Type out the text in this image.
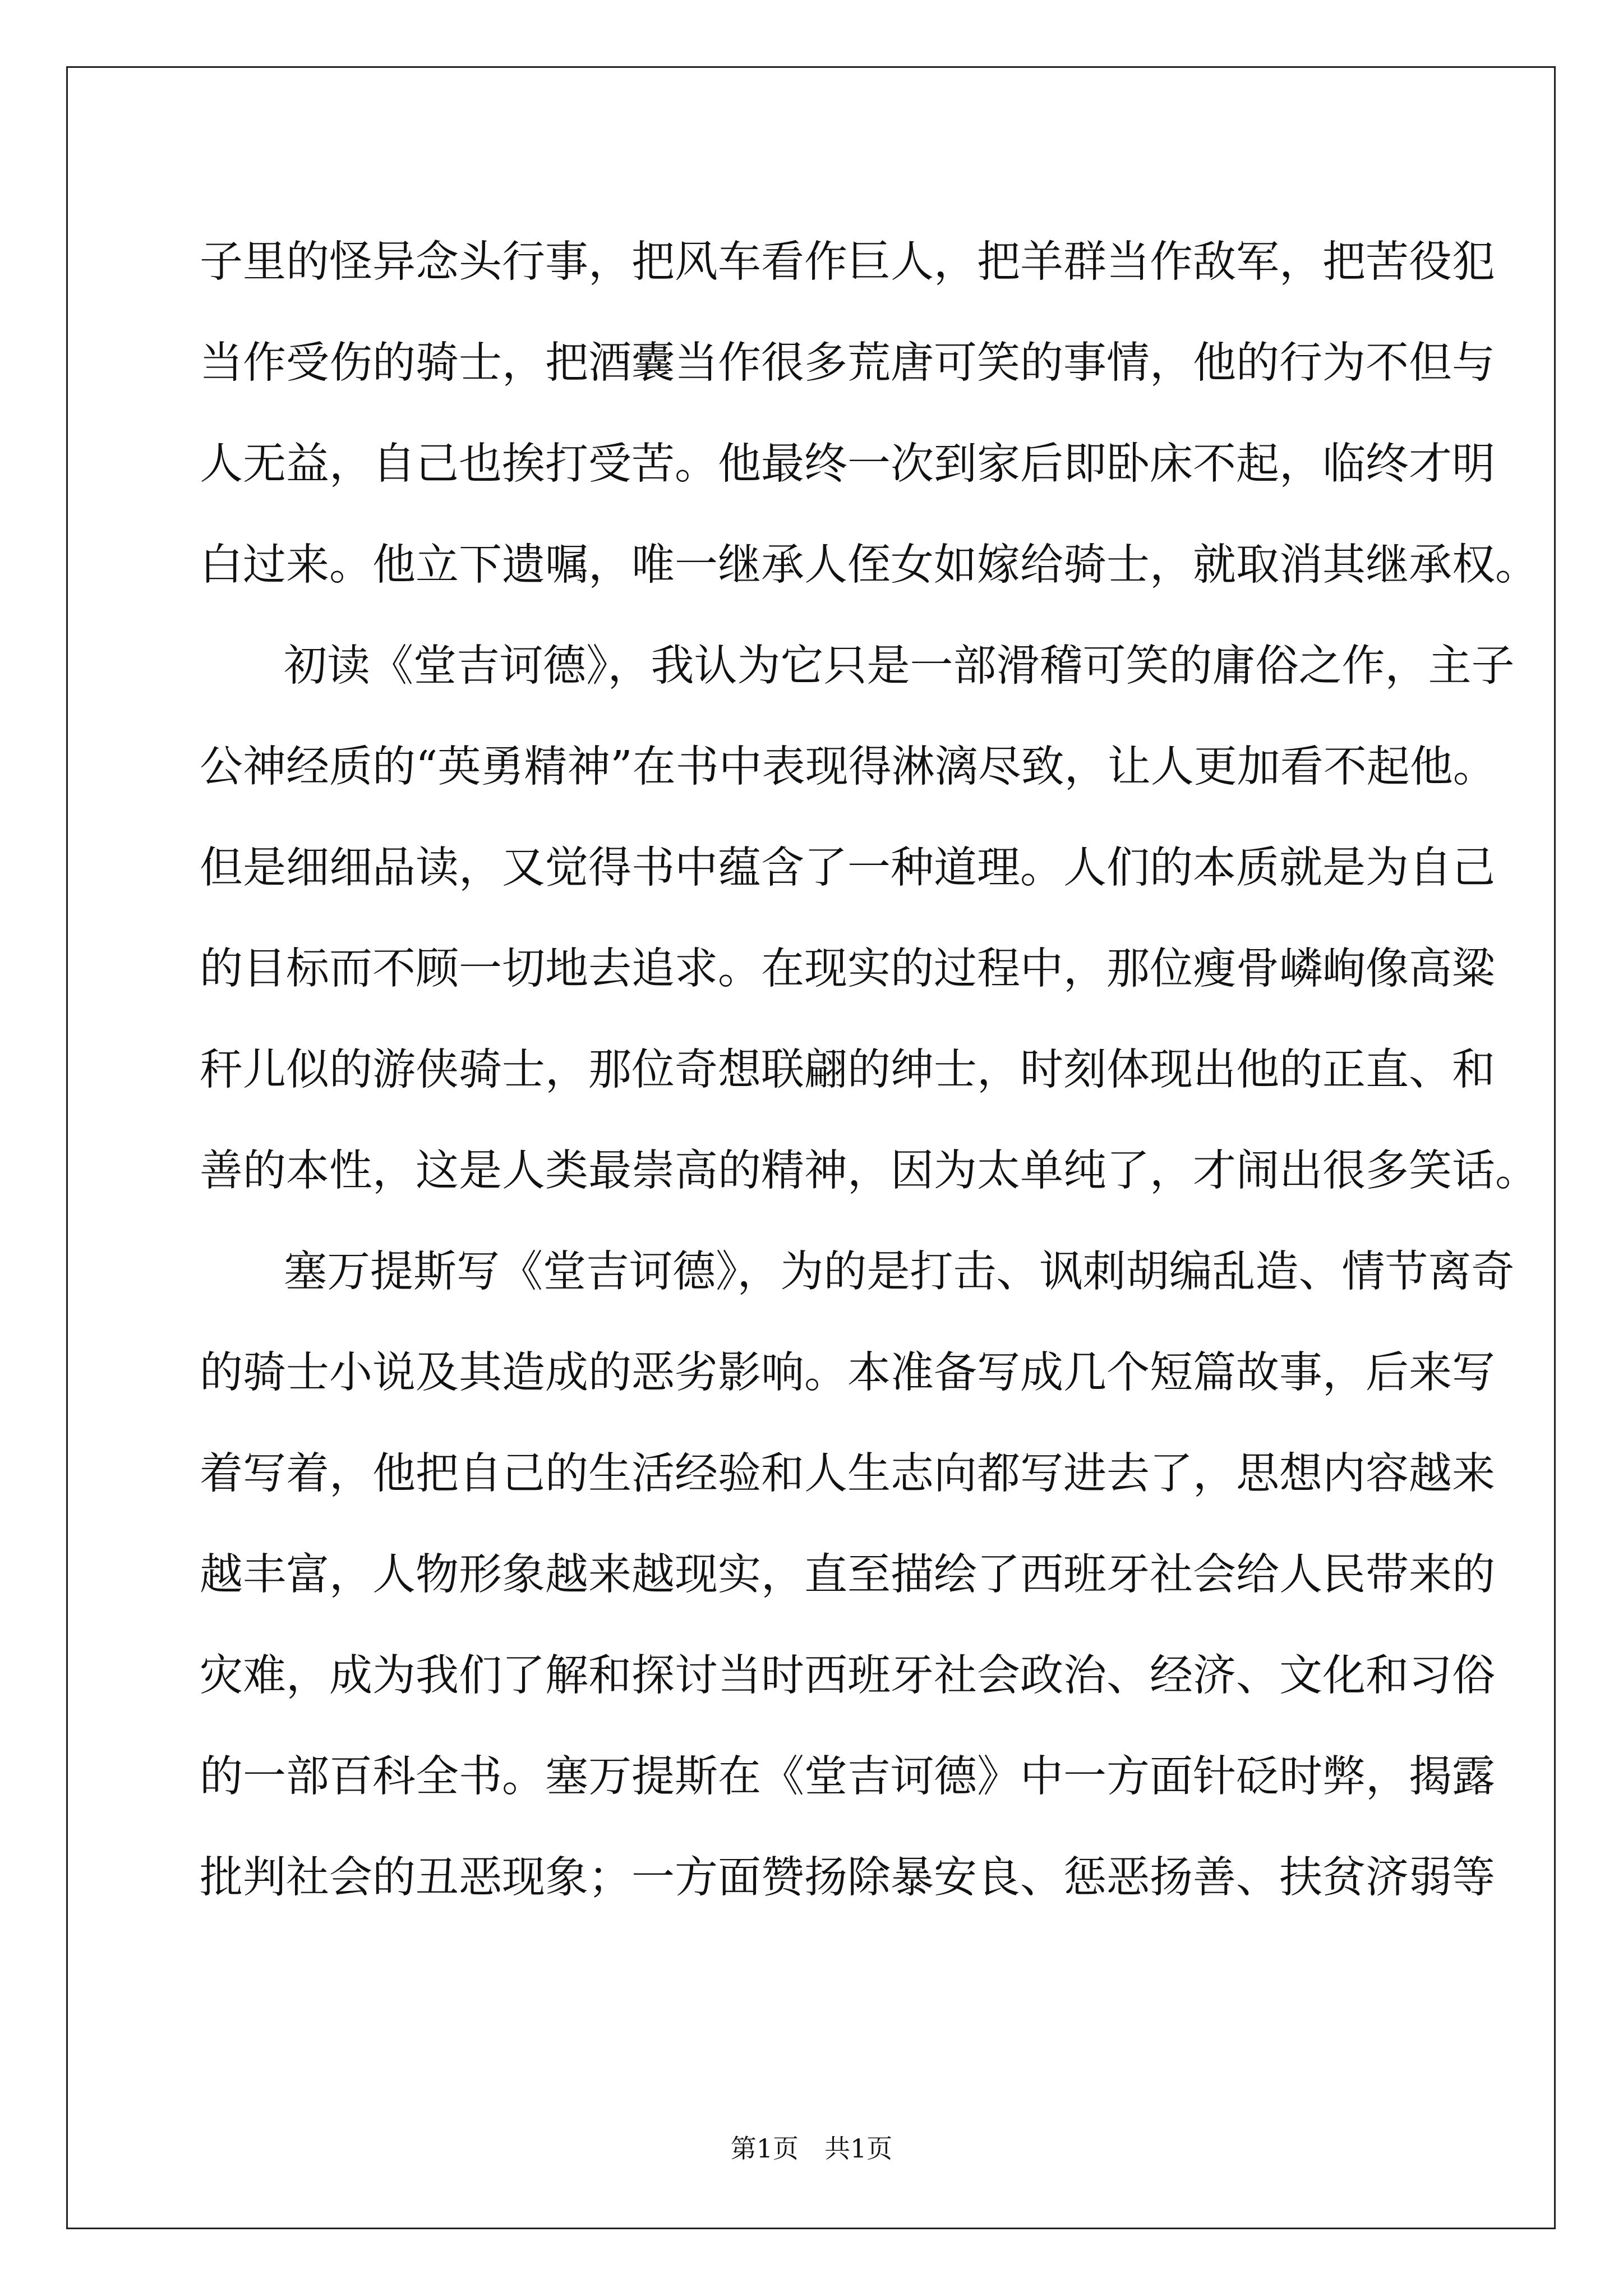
子里的怪异念头行事，把风车看作巨人，把羊群当作敌军，把苦役犯
当作受伤的骑士，把酒囊当作很多荒唐可笑的事情，他的行为不但与
人无益，自己也挨打受苦。他最终一次到家后即卧床不起，临终才明
白过来。他立下遗嘱，唯一继承人侄女如嫁给骑士，就取消其继承权。
初读《堂吉诃德》，我认为它只是一部滑稽可笑的庸俗之作，主子
公神经质的“英勇精神”在书中表现得淋漓尽致，让人更加看不起他。
但是细细品读，又觉得书中蕴含了一种道理。人们的本质就是为自己
的目标而不顾一切地去追求。在现实的过程中，那位瘦骨嶙峋像高粱
秆儿似的游侠骑士，那位奇想联翩的绅士，时刻体现出他的正直、和
善的本性，这是人类最崇高的精神，因为太单纯了，才闹出很多笑话。
塞万提斯写《堂吉诃德》，为的是打击、讽刺胡编乱造、情节离奇
的骑士小说及其造成的恶劣影响。本准备写成几个短篇故事，后来写
着写着，他把自己的生活经验和人生志向都写进去了，思想内容越来
越丰富，人物形象越来越现实，直至描绘了西班牙社会给人民带来的
灾难，成为我们了解和探讨当时西班牙社会政治、经济、文化和习俗
的一部百科全书。塞万提斯在《堂吉诃德》中一方面针砭时弊，揭露
批判社会的丑恶现象；一方面赞扬除暴安良、惩恶扬善、扶贫济弱等
第1页　共1页
